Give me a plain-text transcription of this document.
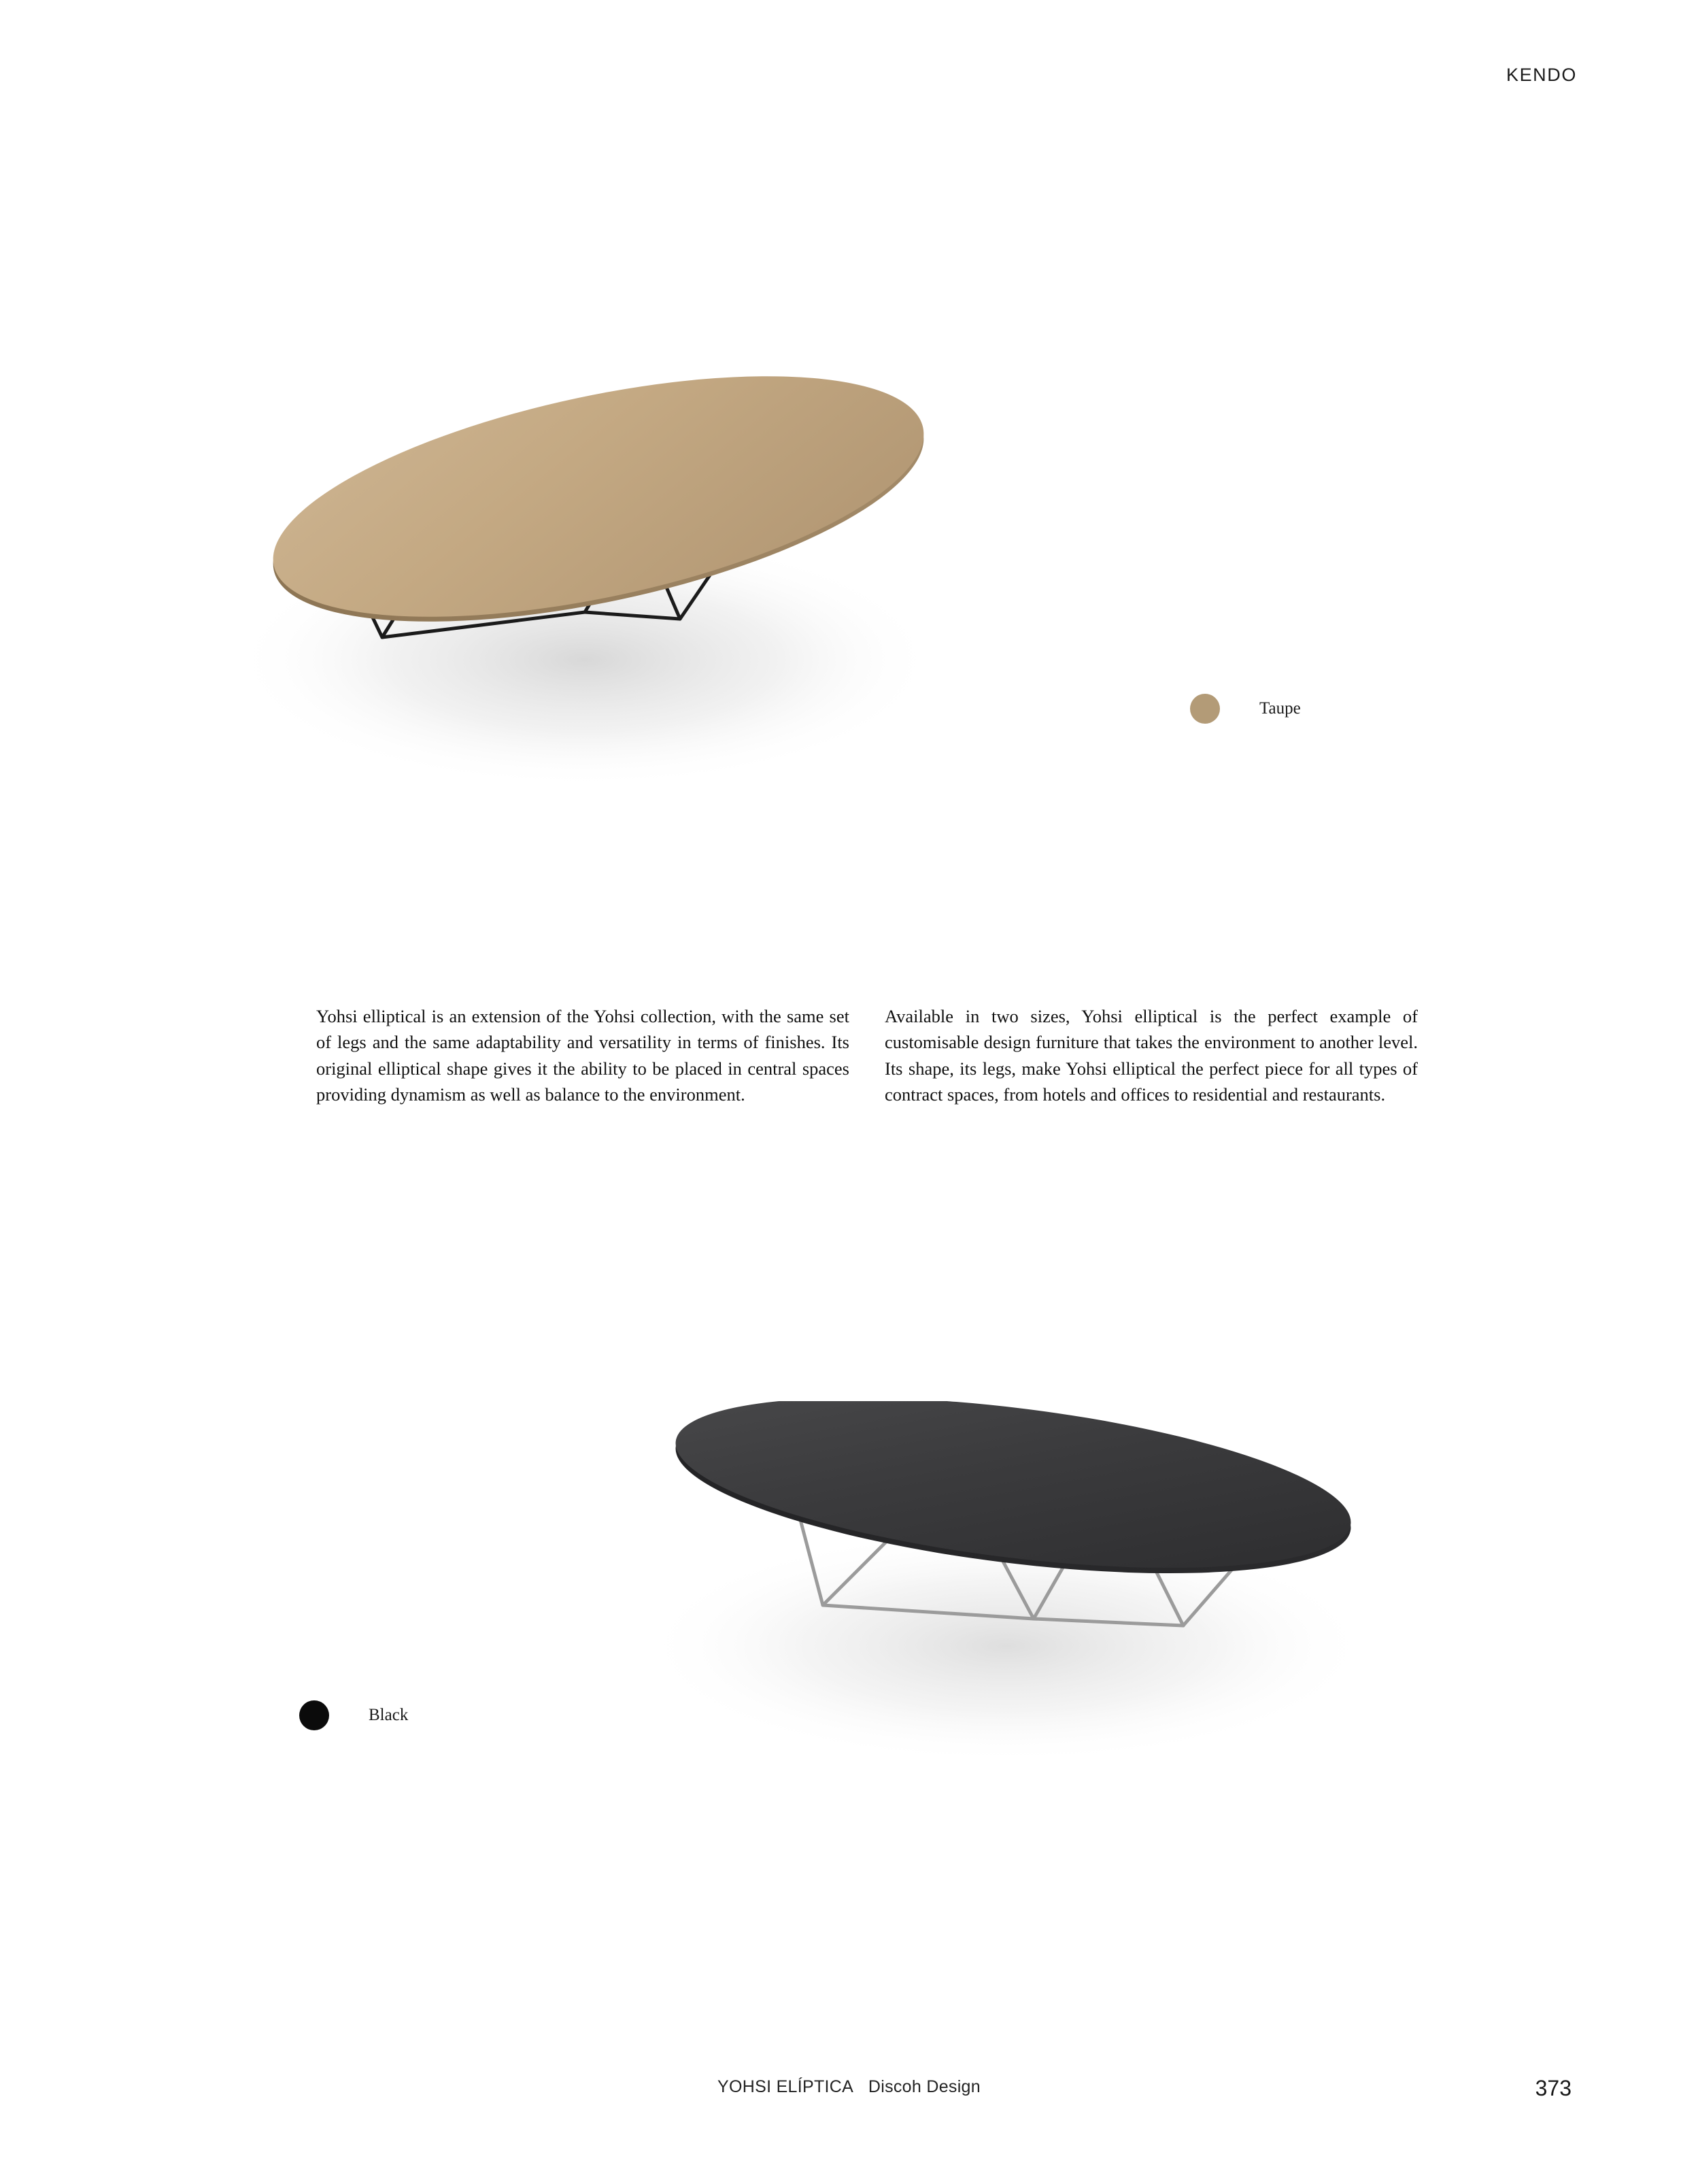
KENDO
Taupe

Yohsi elliptical is an extension of the Yohsi collection, with the same set of legs and the same adaptability and versatility in terms of finishes. Its original elliptical shape gives it the ability to be placed in central spaces providing dynamism as well as balance to the environment.

Available in two sizes, Yohsi elliptical is the perfect example of customisable design furniture that takes the environment to another level. Its shape, its legs, make Yohsi elliptical the perfect piece for all types of contract spaces, from hotels and offices to residential and restaurants.

Black
YOHSI ELÍPTICA Discoh Design	373
